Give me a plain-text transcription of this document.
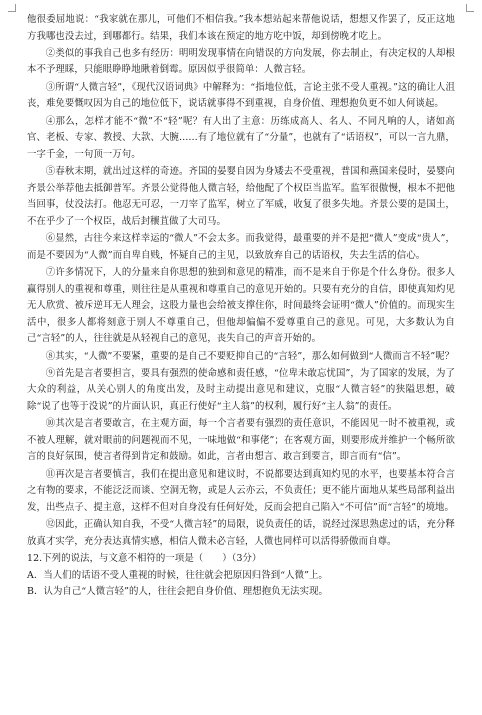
他很委屈地说：“我家就在那儿，可他们不相信我。”我本想站起来帮他说话，想想又作罢了，反正这地方我哪也没去过，到哪都行。结果，我们本该在预定的地方吃中饭，却到傍晚才吃上。

②类似的事我自己也多有经历：明明发现事情在向错误的方向发展，你去制止，有决定权的人却根本不予理睬，只能眼睁睁地瞅着倒霉。原因似乎很简单：人微言轻。

③所谓“人微言轻”，《现代汉语词典》中解释为：“指地位低，言论主张不受人重视。”这的确让人沮丧，难免要慨叹因为自己的地位低下，说话就事得不到重视，自身价值、理想抱负更不如人何谈起。

④那么，怎样才能不“微”不“轻”呢？有人出了主意：历练成高人、名人、不同凡响的人，诸如高官、老板、专家、教授、大款、大腕……有了地位就有了“分量”，也就有了“话语权”，可以一言九鼎，一字千金，一句顶一万句。

⑤春秋末期，就出过这样的奇迹。齐国的晏婴自因为身矮去不受重视，普国和燕国来侵时，晏婴向齐景公举荐他去抵御普军。齐景公觉得他人微言轻，给他配了个权臣当监军。监军很傲慢，根本不把他当回事，仗没法打。他忍无可忍，一刀宰了监军，树立了军威，收复了很多失地。齐景公要的是国土，不在乎少了一个权臣，战后封穰苴做了大司马。

⑥显然，古往今来这样幸运的“微人”不会太多。而我觉得，最重要的并不是把“微人”变成“贵人”，而是不要因为“人微”而自卑自贱，怀疑自己的主见，以致放弃自己的话语权，失去生活的信心。

⑦许多情况下，人的分量来自你思想的独到和意见的精准，而不是来自于你是个什么身份。很多人赢得别人的重视和尊重，则往往是从重视和尊重自己的意见开始的。只要有充分的自信，即使真知灼见无人欣赏、被斥逆耳无人理会，这股力量也会给被支撑住你，时间最终会证明“微人”价值的。而现实生活中，很多人都将刻意于别人不尊重自己，但他却偏偏不爱尊重自己的意见。可见，大多数认为自己“言轻”的人，往往就是从轻视自己的意见，丧失自己的声音开始的。

⑧其实，“人微”不要紧，重要的是自己不要贬抑自己的“言轻”，那么如何做到“人微而言不轻”呢？

⑨首先是言者要担言，要具有强烈的使命感和责任感，“位卑未敢忘忧国”，为了国家的发展，为了大众的利益，从关心别人的角度出发，及时主动提出意见和建议，克服“人微言轻”的狭隘思想，破除“说了也等于没说”的片面认识，真正行使好“主人翁”的权利，履行好“主人翁”的责任。

⑩其次是言者要敢言，在主观方面，每一个言者要有强烈的责任意识，不能因见一时不被重视，或不被人理解，就对眼前的问题视而不见，一味地做“和事佬”；在客观方面，则要形成并维护一个畅所欲言的良好氛围，使言者得到肯定和鼓励。如此，言者由想言、敢言到要言，即言而有“信”。

⑪再次是言者要慎言，我们在提出意见和建议时，不说都要达到真知灼见的水平，也要基本符合言之有物的要求，不能泛泛而谈、空洞无物，或是人云亦云，不负责任；更不能片面地从某些局部利益出发，出些点子、提主意，这样不但对自身没有任何好处，反而会把自己陷入“不可信”而“言轻”的境地。

⑫因此，正确认知自我，不受“人微言轻”的局限，说负责任的话，说经过深思熟虑过的话，充分释放真才实学，充分表达真情实感，相信人微未必言轻，人微也同样可以活得骄傲而自尊。

12.下列的说法，与文意不相符的一项是（　　）（3分）

A．当人们的话语不受人重视的时候，往往就会把原因归咎到“人微”上。

B．认为自己“人微言轻”的人，往往会把自身价值、理想抱负无法实现。
